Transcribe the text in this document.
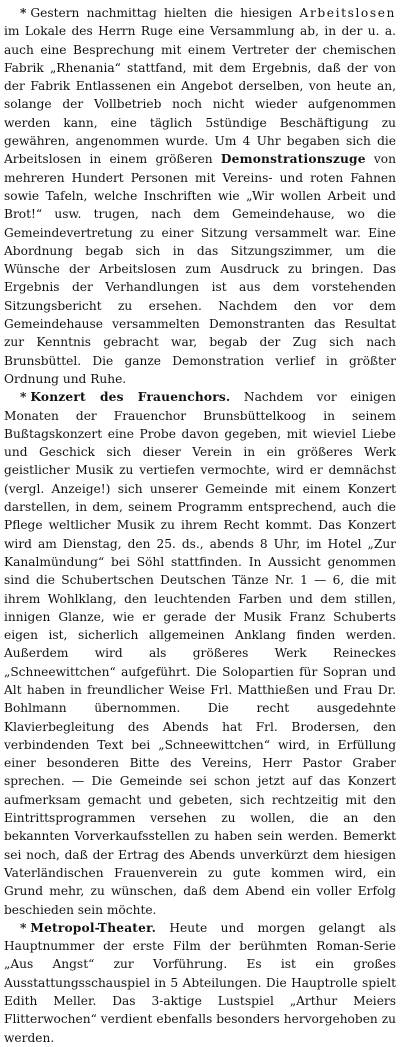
* Gestern nachmittag hielten die hiesigen Arbeitslosen im Lokale des Herrn Ruge eine Versammlung ab, in der u. a. auch eine Besprechung mit einem Vertreter der chemischen Fabrik „Rhenania“ stattfand, mit dem Ergebnis, daß der von der Fabrik Entlassenen ein Angebot derselben, von heute an, solange der Vollbetrieb noch nicht wieder aufgenommen werden kann, eine täglich 5stündige Beschäftigung zu gewähren, angenommen wurde. Um 4 Uhr begaben sich die Arbeitslosen in einem größeren Demonstrationszuge von mehreren Hundert Personen mit Vereins- und roten Fahnen sowie Tafeln, welche Inschriften wie „Wir wollen Arbeit und Brot!“ usw. trugen, nach dem Gemeindehause, wo die Gemeindevertretung zu einer Sitzung versammelt war. Eine Abordnung begab sich in das Sitzungszimmer, um die Wünsche der Arbeitslosen zum Ausdruck zu bringen. Das Ergebnis der Verhandlungen ist aus dem vorstehenden Sitzungsbericht zu ersehen. Nachdem den vor dem Gemeindehause versammelten Demonstranten das Resultat zur Kenntnis gebracht war, begab der Zug sich nach Brunsbüttel. Die ganze Demonstration verlief in größter Ordnung und Ruhe.

* Konzert des Frauenchors. Nachdem vor einigen Monaten der Frauenchor Brunsbüttelkoog in seinem Bußtagskonzert eine Probe davon gegeben, mit wieviel Liebe und Geschick sich dieser Verein in ein größeres Werk geistlicher Musik zu vertiefen vermochte, wird er demnächst (vergl. Anzeige!) sich unserer Gemeinde mit einem Konzert darstellen, in dem, seinem Programm entsprechend, auch die Pflege weltlicher Musik zu ihrem Recht kommt. Das Konzert wird am Dienstag, den 25. ds., abends 8 Uhr, im Hotel „Zur Kanalmündung“ bei Söhl stattfinden. In Aussicht genommen sind die Schubertschen Deutschen Tänze Nr. 1 — 6, die mit ihrem Wohlklang, den leuchtenden Farben und dem stillen, innigen Glanze, wie er gerade der Musik Franz Schuberts eigen ist, sicherlich allgemeinen Anklang finden werden. Außerdem wird als größeres Werk Reineckes „Schneewittchen“ aufgeführt. Die Solopartien für Sopran und Alt haben in freundlicher Weise Frl. Matthießen und Frau Dr. Bohlmann übernommen. Die recht ausgedehnte Klavierbegleitung des Abends hat Frl. Brodersen, den verbindenden Text bei „Schneewittchen“ wird, in Erfüllung einer besonderen Bitte des Vereins, Herr Pastor Graber sprechen. — Die Gemeinde sei schon jetzt auf das Konzert aufmerksam gemacht und gebeten, sich rechtzeitig mit den Eintrittsprogrammen versehen zu wollen, die an den bekannten Vorverkaufsstellen zu haben sein werden. Bemerkt sei noch, daß der Ertrag des Abends unverkürzt dem hiesigen Vaterländischen Frauenverein zu gute kommen wird, ein Grund mehr, zu wünschen, daß dem Abend ein voller Erfolg beschieden sein möchte.

* Metropol-Theater. Heute und morgen gelangt als Hauptnummer der erste Film der berühmten Roman-Serie „Aus Angst“ zur Vorführung. Es ist ein großes Ausstattungsschauspiel in 5 Abteilungen. Die Hauptrolle spielt Edith Meller. Das 3-aktige Lustspiel „Arthur Meiers Flitterwochen“ verdient ebenfalls besonders hervorgehoben zu werden.
